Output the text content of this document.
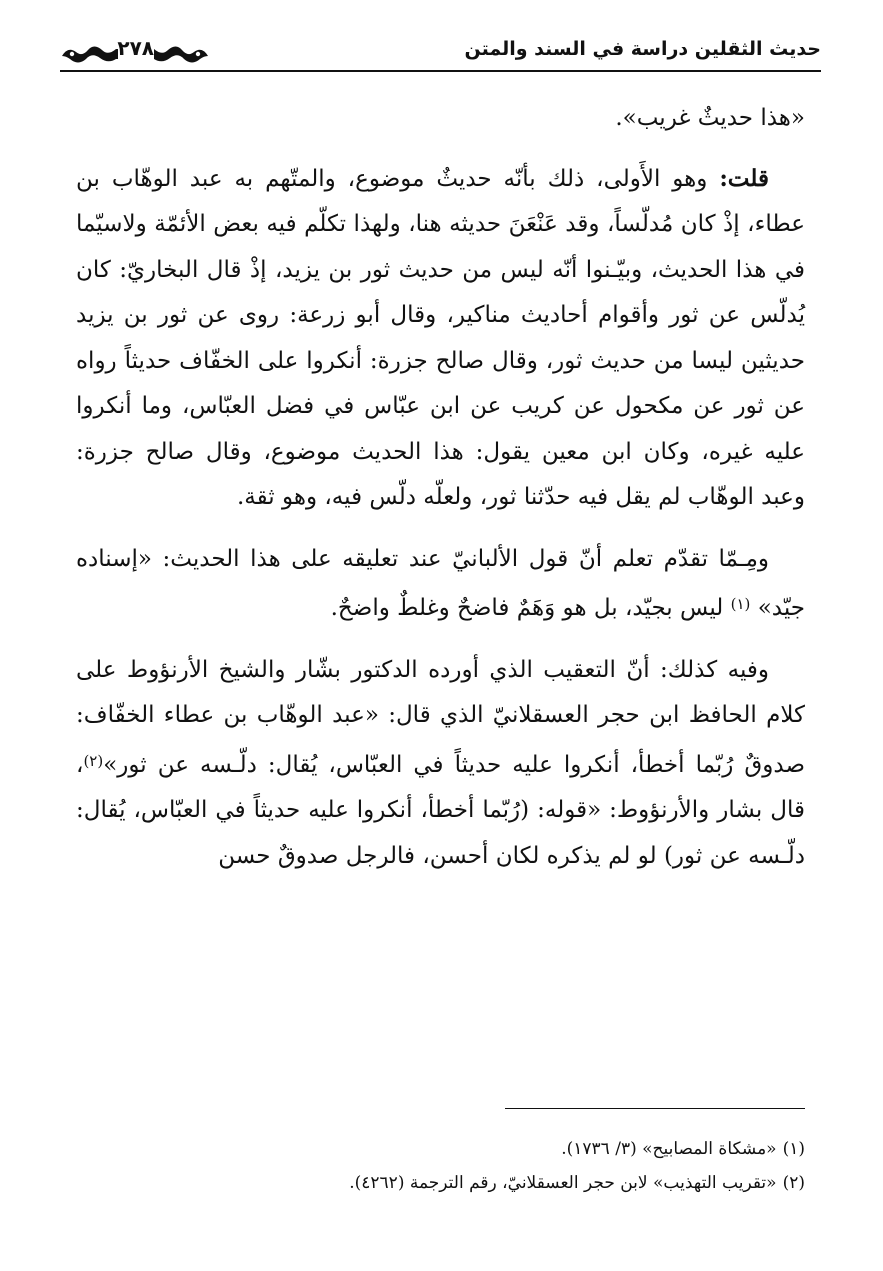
حديث الثقلين دراسة في السند والمتن
٢٧٨

«هذا حديثٌ غريب».

قلت: وهو الأَولى، ذلك بأنّه حديثٌ موضوع، والمتّهم به عبد الوهّاب بن عطاء، إذْ كان مُدلّساً، وقد عَنْعَنَ حديثه هنا، ولهذا تكلّم فيه بعض الأئمّة ولاسيّما في هذا الحديث، وبيّـنوا أنّه ليس من حديث ثور بن يزيد، إذْ قال البخاريّ: كان يُدلّس عن ثور وأقوام أحاديث مناكير، وقال أبو زرعة: روى عن ثور بن يزيد حديثين ليسا من حديث ثور، وقال صالح جزرة: أنكروا على الخفّاف حديثاً رواه عن ثور عن مكحول عن كريب عن ابن عبّاس في فضل العبّاس، وما أنكروا عليه غيره، وكان ابن معين يقول: هذا الحديث موضوع، وقال صالح جزرة: وعبد الوهّاب لم يقل فيه حدّثنا ثور، ولعلّه دلّس فيه، وهو ثقة.

ومِـمّا تقدّم تعلم أنّ قول الألبانيّ عند تعليقه على هذا الحديث: «إسناده جيّد» $^{(١)}$ ليس بجيّد، بل هو وَهَمٌ فاضحٌ وغلطٌ واضحٌ.

وفيه كذلك: أنّ التعقيب الذي أورده الدكتور بشّار والشيخ الأرنؤوط على كلام الحافظ ابن حجر العسقلانيّ الذي قال: «عبد الوهّاب بن عطاء الخفّاف: صدوقٌ رُبّما أخطأ، أنكروا عليه حديثاً في العبّاس، يُقال: دلّـسه عن ثور»$^{(٢)}$، قال بشار والأرنؤوط: «قوله: (رُبّما أخطأ، أنكروا عليه حديثاً في العبّاس، يُقال: دلّـسه عن ثور) لو لم يذكره لكان أحسن، فالرجل صدوقٌ حسن

(١)«مشكاة المصابيح» (٣/ ١٧٣٦).

(٢)«تقريب التهذيب» لابن حجر العسقلانيّ، رقم الترجمة (٤٢٦٢).
